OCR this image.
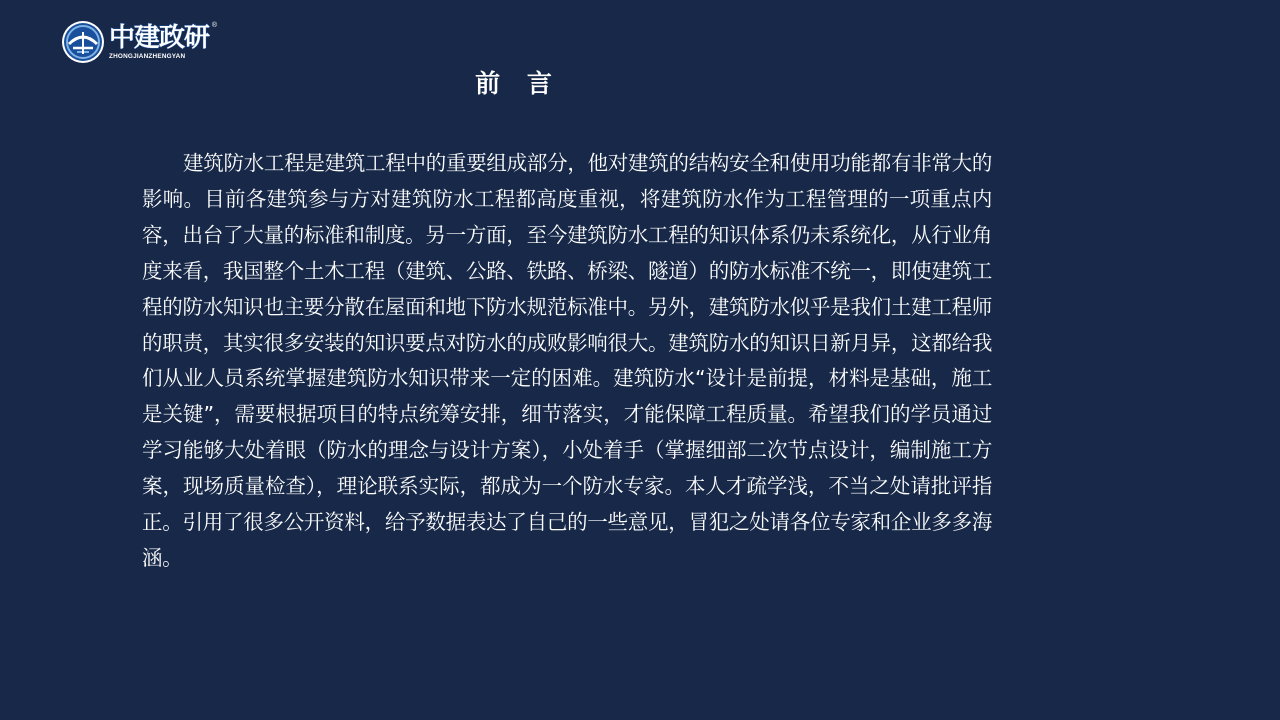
中建政研
ZHONGJIANZHENGYAN
®
前 言

建筑防水工程是建筑工程中的重要组成部分，他对建筑的结构安全和使用功能都有非常大的影响。目前各建筑参与方对建筑防水工程都高度重视，将建筑防水作为工程管理的一项重点内容，出台了大量的标准和制度。另一方面，至今建筑防水工程的知识体系仍未系统化，从行业角度来看，我国整个土木工程（建筑、公路、铁路、桥梁、隧道）的防水标准不统一，即使建筑工程的防水知识也主要分散在屋面和地下防水规范标准中。另外，建筑防水似乎是我们土建工程师的职责，其实很多安装的知识要点对防水的成败影响很大。建筑防水的知识日新月异，这都给我们从业人员系统掌握建筑防水知识带来一定的困难。建筑防水“设计是前提，材料是基础，施工是关键”，需要根据项目的特点统筹安排，细节落实，才能保障工程质量。希望我们的学员通过学习能够大处着眼（防水的理念与设计方案），小处着手（掌握细部二次节点设计，编制施工方案，现场质量检查），理论联系实际，都成为一个防水专家。本人才疏学浅，不当之处请批评指正。引用了很多公开资料，给予数据表达了自己的一些意见，冒犯之处请各位专家和企业多多海涵。
